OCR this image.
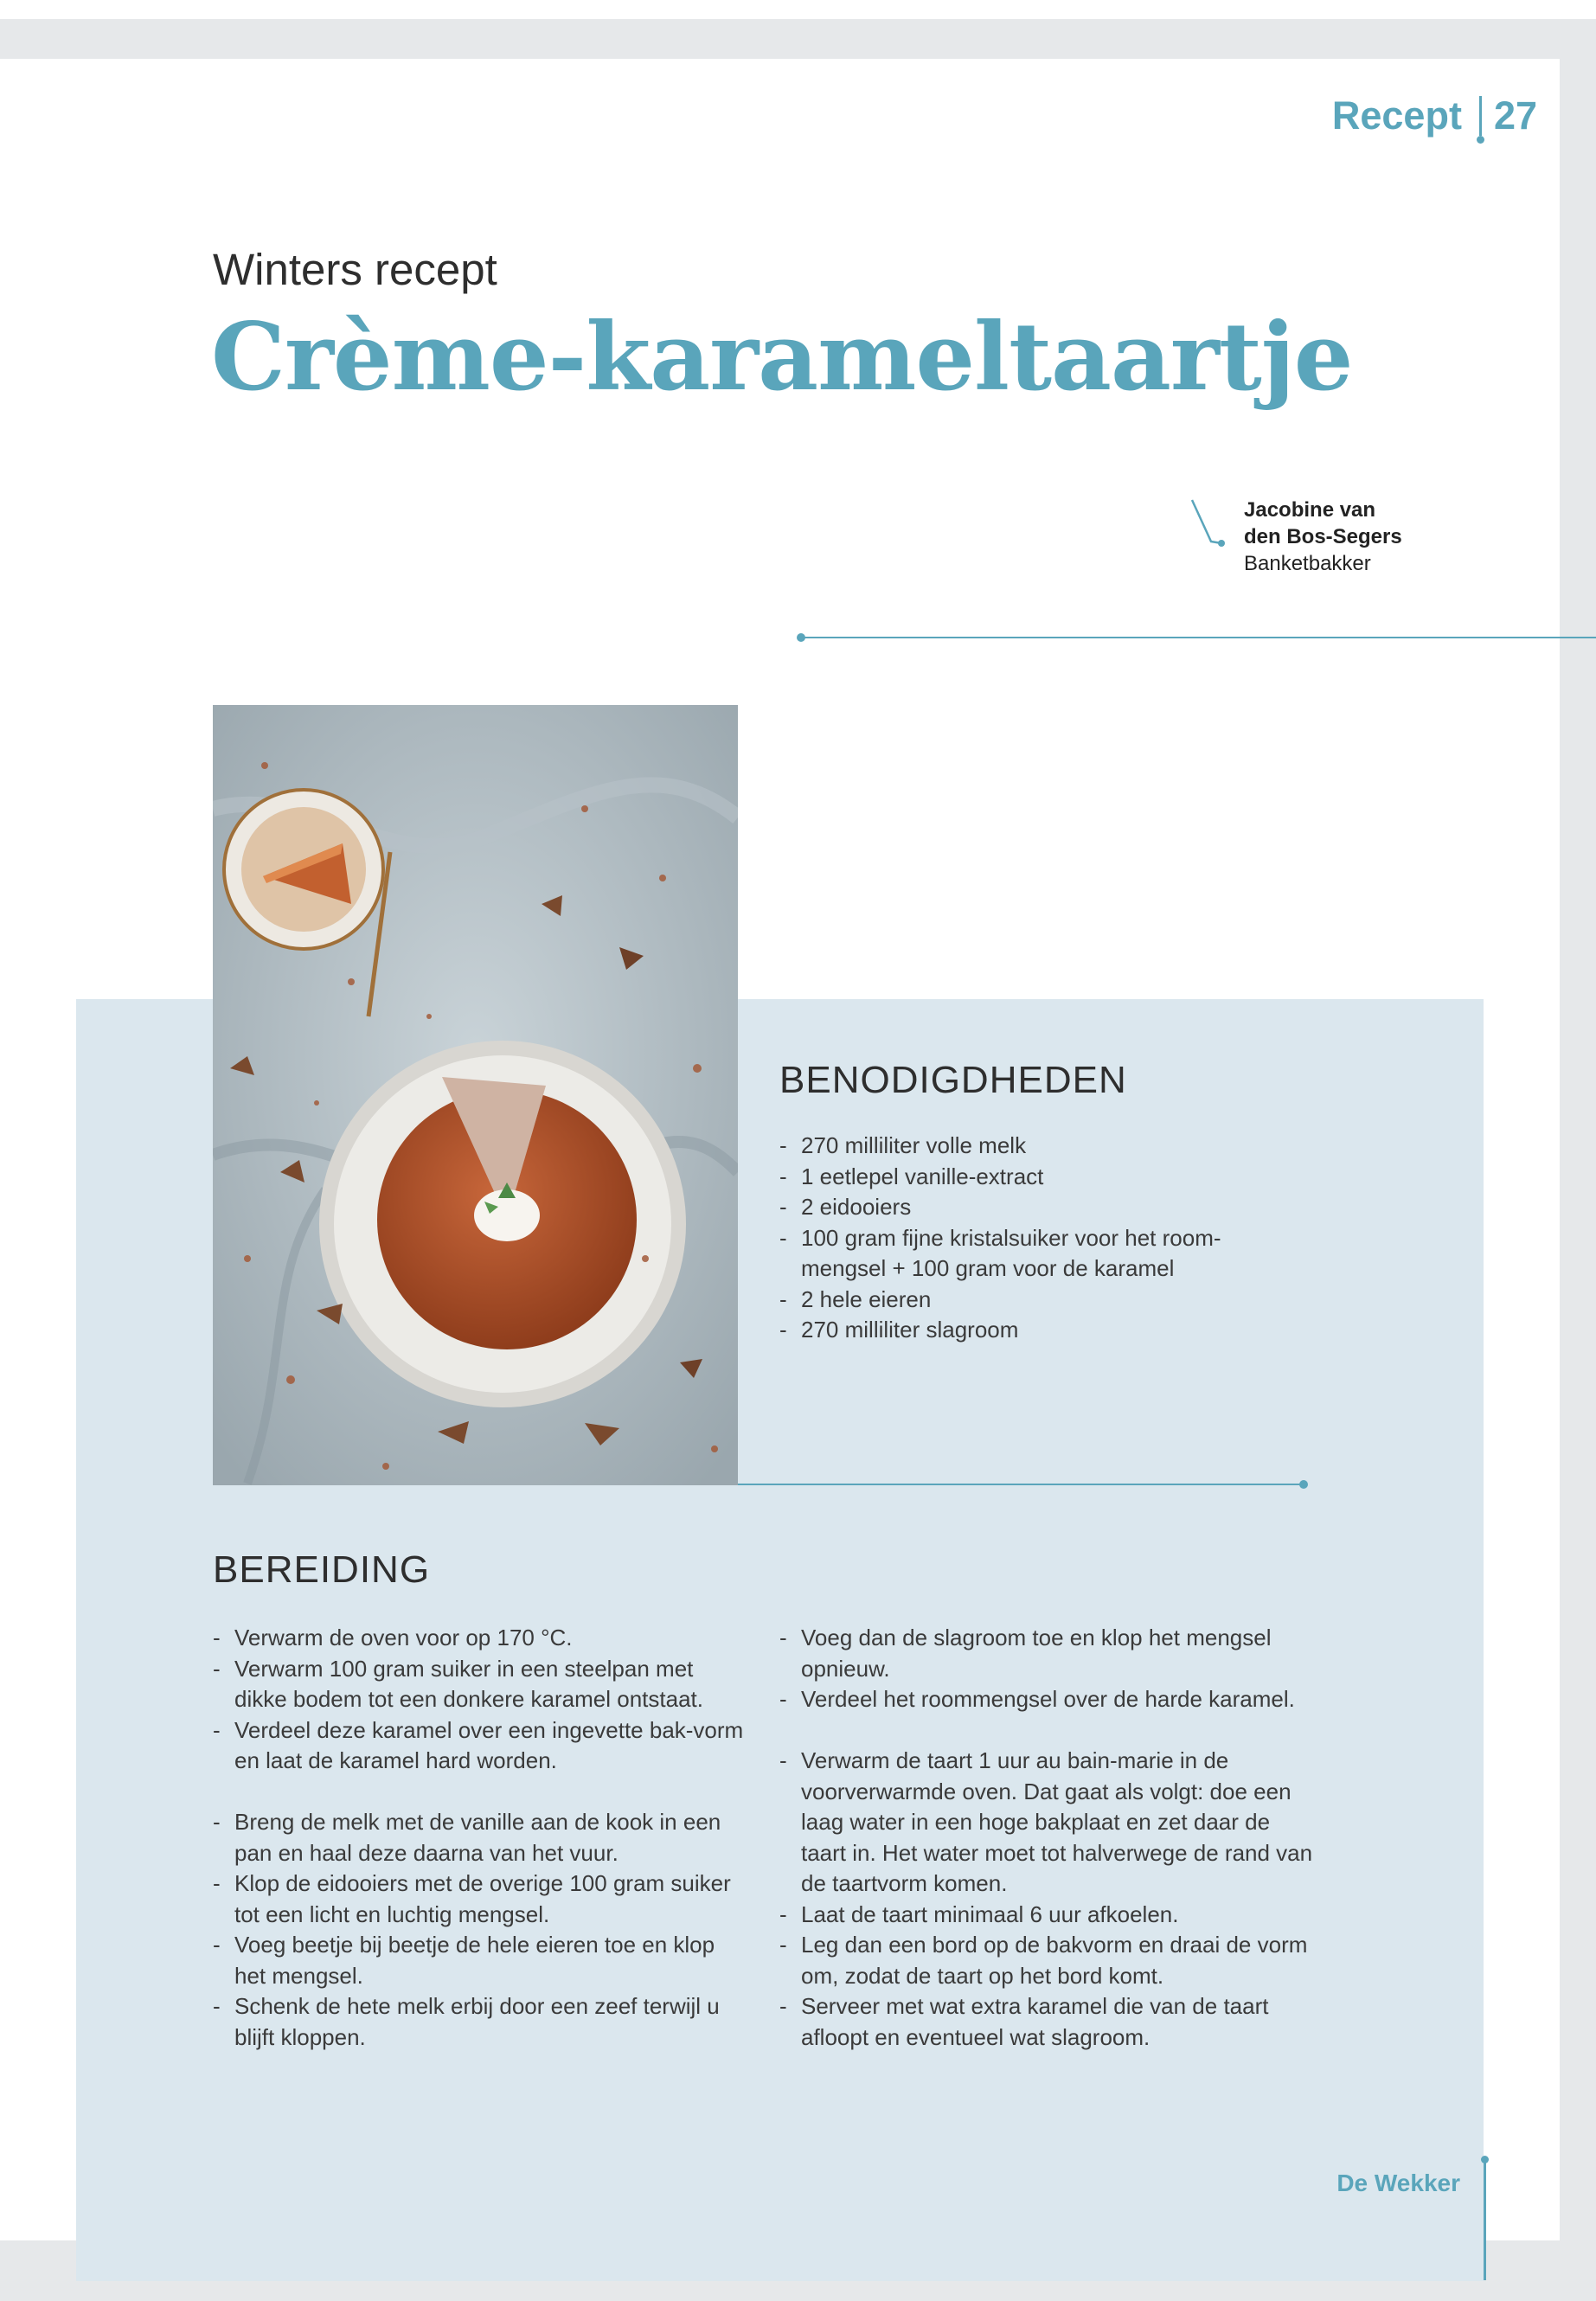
Recept 27
Winters recept
Crème-karameltaartje
Jacobine van
den Bos-Segers
Banketbakker
BENODIGDHEDEN
- 270 milliliter volle melk
- 1 eetlepel vanille-extract
- 2 eidooiers
- 100 gram fijne kristalsuiker voor het room-mengsel + 100 gram voor de karamel
- 2 hele eieren
- 270 milliliter slagroom
BEREIDING
- Verwarm de oven voor op 170 °C.
- Verwarm 100 gram suiker in een steelpan met dikke bodem tot een donkere karamel ontstaat.
- Verdeel deze karamel over een ingevette bak-vorm en laat de karamel hard worden.
- Breng de melk met de vanille aan de kook in een pan en haal deze daarna van het vuur.
- Klop de eidooiers met de overige 100 gram suiker tot een licht en luchtig mengsel.
- Voeg beetje bij beetje de hele eieren toe en klop het mengsel.
- Schenk de hete melk erbij door een zeef terwijl u blijft kloppen.
- Voeg dan de slagroom toe en klop het mengsel opnieuw.
- Verdeel het roommengsel over de harde karamel.
- Verwarm de taart 1 uur au bain-marie in de voorverwarmde oven. Dat gaat als volgt: doe een laag water in een hoge bakplaat en zet daar de taart in. Het water moet tot halverwege de rand van de taartvorm komen.
- Laat de taart minimaal 6 uur afkoelen.
- Leg dan een bord op de bakvorm en draai de vorm om, zodat de taart op het bord komt.
- Serveer met wat extra karamel die van de taart afloopt en eventueel wat slagroom.
De Wekker
